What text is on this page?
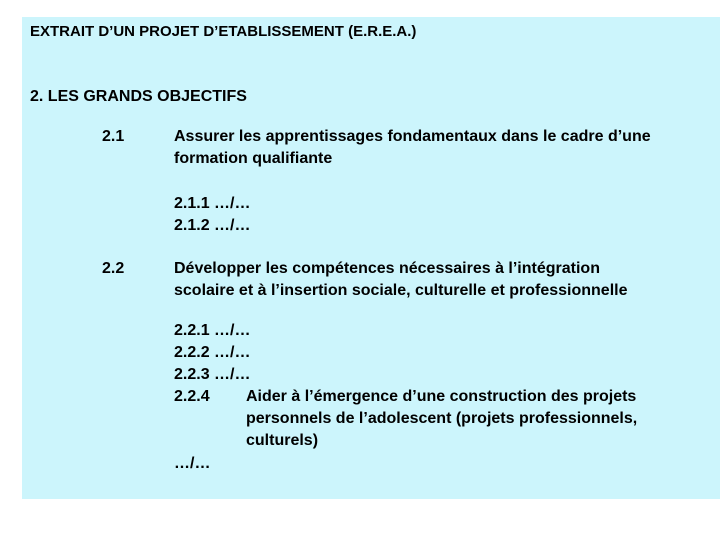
EXTRAIT D’UN PROJET D’ETABLISSEMENT (E.R.E.A.)
2. LES GRANDS OBJECTIFS
2.1	Assurer les apprentissages fondamentaux dans le cadre d’une
formation qualifiante
2.1.1 …/…
2.1.2 …/…
2.2	Développer les compétences nécessaires à l’intégration
scolaire et à l’insertion sociale, culturelle et professionnelle
2.2.1 …/…
2.2.2 …/…
2.2.3 …/…
2.2.4 Aider à l’émergence d’une construction des projets
personnels de l’adolescent (projets professionnels,
culturels)
…/…
